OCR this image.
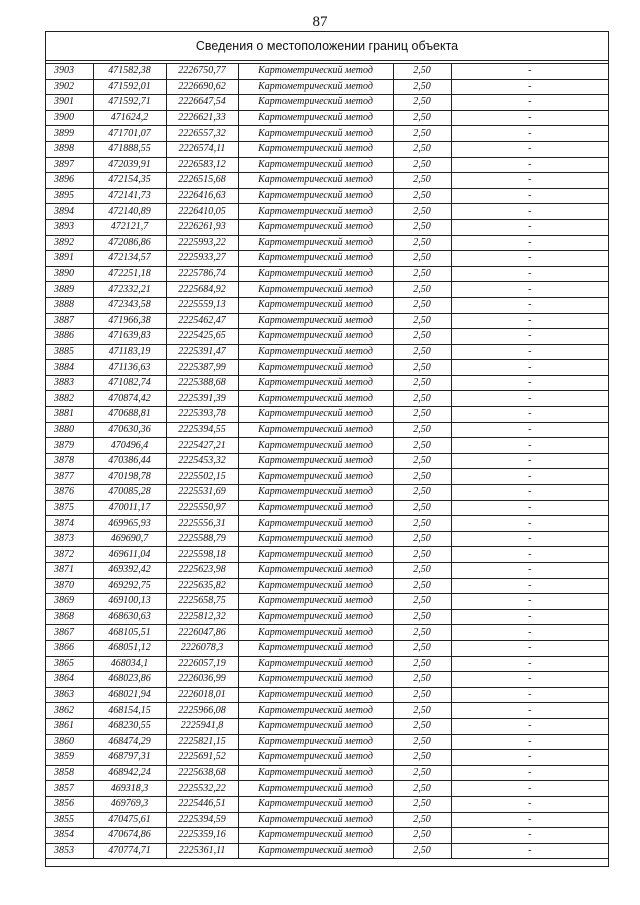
87
Сведения о местоположении границ объекта
3903	471582,38	2226750,77	Картометрический метод	2,50	-
3902	471592,01	2226690,62	Картометрический метод	2,50	-
3901	471592,71	2226647,54	Картометрический метод	2,50	-
3900	471624,2	2226621,33	Картометрический метод	2,50	-
3899	471701,07	2226557,32	Картометрический метод	2,50	-
3898	471888,55	2226574,11	Картометрический метод	2,50	-
3897	472039,91	2226583,12	Картометрический метод	2,50	-
3896	472154,35	2226515,68	Картометрический метод	2,50	-
3895	472141,73	2226416,63	Картометрический метод	2,50	-
3894	472140,89	2226410,05	Картометрический метод	2,50	-
3893	472121,7	2226261,93	Картометрический метод	2,50	-
3892	472086,86	2225993,22	Картометрический метод	2,50	-
3891	472134,57	2225933,27	Картометрический метод	2,50	-
3890	472251,18	2225786,74	Картометрический метод	2,50	-
3889	472332,21	2225684,92	Картометрический метод	2,50	-
3888	472343,58	2225559,13	Картометрический метод	2,50	-
3887	471966,38	2225462,47	Картометрический метод	2,50	-
3886	471639,83	2225425,65	Картометрический метод	2,50	-
3885	471183,19	2225391,47	Картометрический метод	2,50	-
3884	471136,63	2225387,99	Картометрический метод	2,50	-
3883	471082,74	2225388,68	Картометрический метод	2,50	-
3882	470874,42	2225391,39	Картометрический метод	2,50	-
3881	470688,81	2225393,78	Картометрический метод	2,50	-
3880	470630,36	2225394,55	Картометрический метод	2,50	-
3879	470496,4	2225427,21	Картометрический метод	2,50	-
3878	470386,44	2225453,32	Картометрический метод	2,50	-
3877	470198,78	2225502,15	Картометрический метод	2,50	-
3876	470085,28	2225531,69	Картометрический метод	2,50	-
3875	470011,17	2225550,97	Картометрический метод	2,50	-
3874	469965,93	2225556,31	Картометрический метод	2,50	-
3873	469690,7	2225588,79	Картометрический метод	2,50	-
3872	469611,04	2225598,18	Картометрический метод	2,50	-
3871	469392,42	2225623,98	Картометрический метод	2,50	-
3870	469292,75	2225635,82	Картометрический метод	2,50	-
3869	469100,13	2225658,75	Картометрический метод	2,50	-
3868	468630,63	2225812,32	Картометрический метод	2,50	-
3867	468105,51	2226047,86	Картометрический метод	2,50	-
3866	468051,12	2226078,3	Картометрический метод	2,50	-
3865	468034,1	2226057,19	Картометрический метод	2,50	-
3864	468023,86	2226036,99	Картометрический метод	2,50	-
3863	468021,94	2226018,01	Картометрический метод	2,50	-
3862	468154,15	2225966,08	Картометрический метод	2,50	-
3861	468230,55	2225941,8	Картометрический метод	2,50	-
3860	468474,29	2225821,15	Картометрический метод	2,50	-
3859	468797,31	2225691,52	Картометрический метод	2,50	-
3858	468942,24	2225638,68	Картометрический метод	2,50	-
3857	469318,3	2225532,22	Картометрический метод	2,50	-
3856	469769,3	2225446,51	Картометрический метод	2,50	-
3855	470475,61	2225394,59	Картометрический метод	2,50	-
3854	470674,86	2225359,16	Картометрический метод	2,50	-
3853	470774,71	2225361,11	Картометрический метод	2,50	-
